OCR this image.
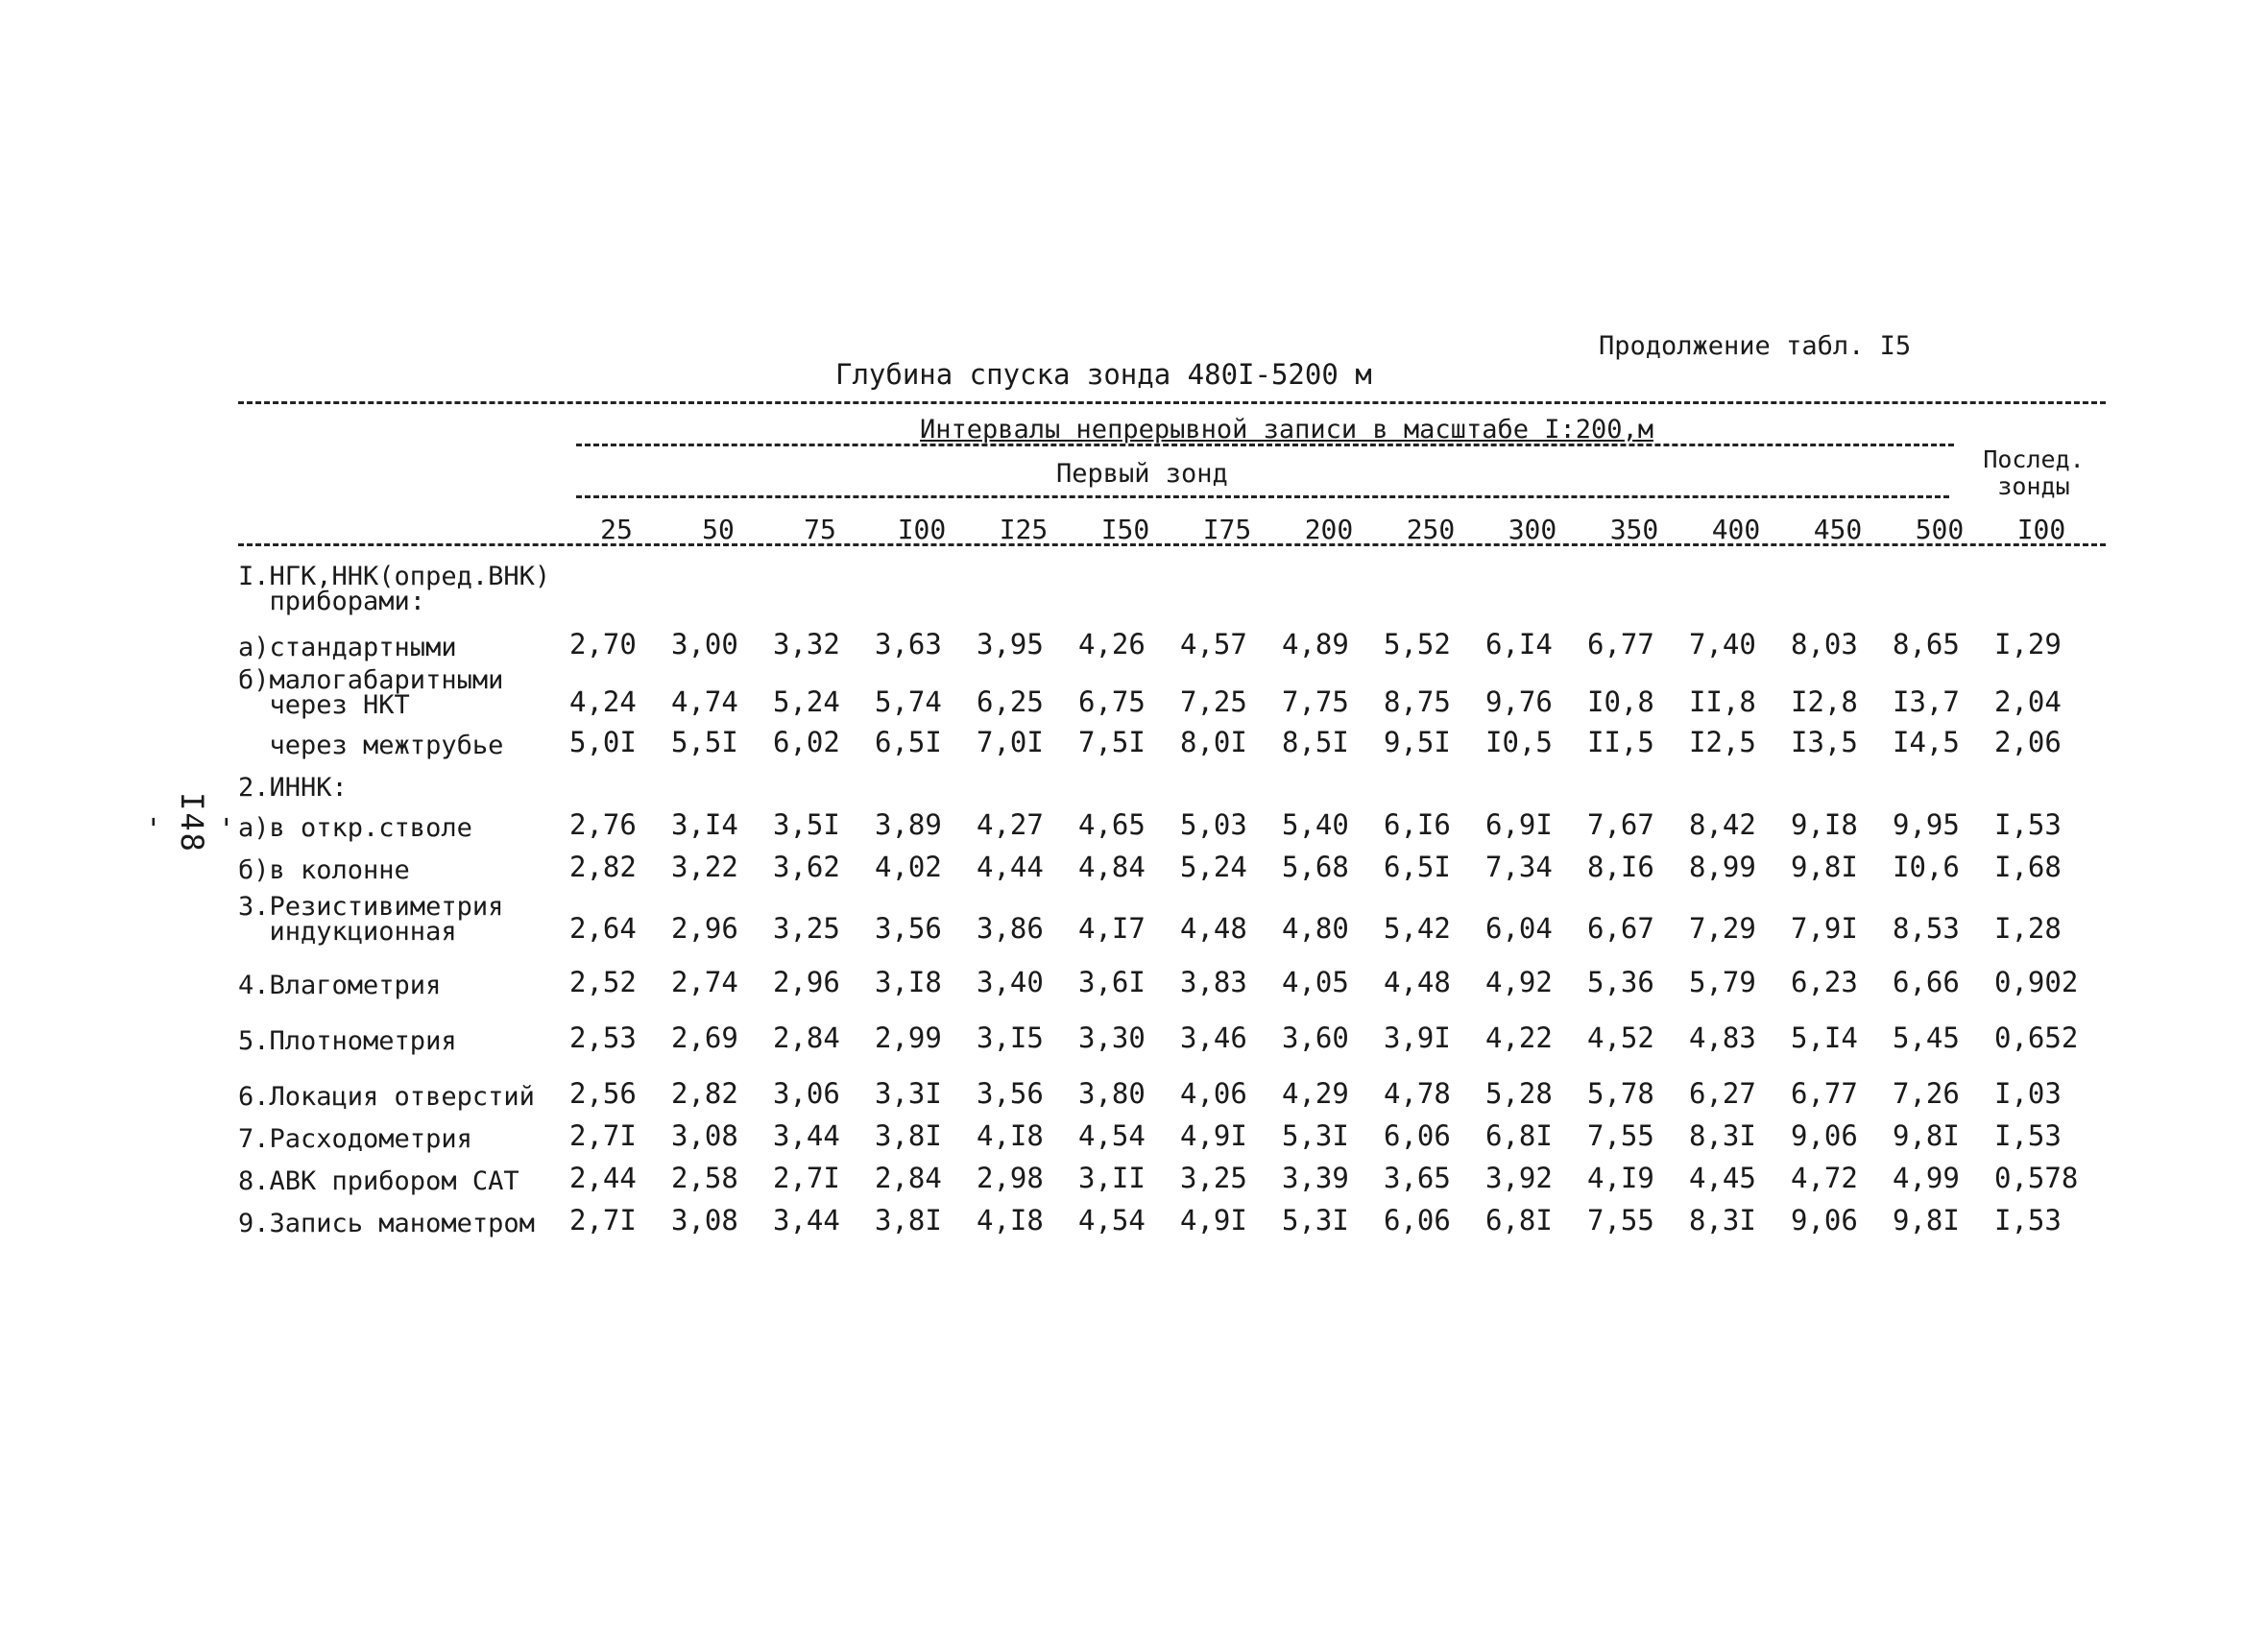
- I48 -
Продолжение табл. I5
Глубина спуска зонда 480I-5200 м
Интервалы непрерывной записи в масштабе I:200,м
Первый зонд	Послед. зонды
25	50	75	I00	I25	I50	I75	200	250	300	350	400	450	500	I00
I.НГК,ННК(опред.ВНК)
приборами:															
а)стандартными	2,70	3,00	3,32	3,63	3,95	4,26	4,57	4,89	5,52	6,I4	6,77	7,40	8,03	8,65	I,29
б)малогабаритными
через НКТ	4,24	4,74	5,24	5,74	6,25	6,75	7,25	7,75	8,75	9,76	I0,8	II,8	I2,8	I3,7	2,04
через межтрубье	5,0I	5,5I	6,02	6,5I	7,0I	7,5I	8,0I	8,5I	9,5I	I0,5	II,5	I2,5	I3,5	I4,5	2,06
2.ИННК:															
а)в откр.стволе	2,76	3,I4	3,5I	3,89	4,27	4,65	5,03	5,40	6,I6	6,9I	7,67	8,42	9,I8	9,95	I,53
б)в колонне	2,82	3,22	3,62	4,02	4,44	4,84	5,24	5,68	6,5I	7,34	8,I6	8,99	9,8I	I0,6	I,68
3.Резистивиметрия
индукционная	2,64	2,96	3,25	3,56	3,86	4,I7	4,48	4,80	5,42	6,04	6,67	7,29	7,9I	8,53	I,28
4.Влагометрия	2,52	2,74	2,96	3,I8	3,40	3,6I	3,83	4,05	4,48	4,92	5,36	5,79	6,23	6,66	0,902
5.Плотнометрия	2,53	2,69	2,84	2,99	3,I5	3,30	3,46	3,60	3,9I	4,22	4,52	4,83	5,I4	5,45	0,652
6.Локация отверстий	2,56	2,82	3,06	3,3I	3,56	3,80	4,06	4,29	4,78	5,28	5,78	6,27	6,77	7,26	I,03
7.Расходометрия	2,7I	3,08	3,44	3,8I	4,I8	4,54	4,9I	5,3I	6,06	6,8I	7,55	8,3I	9,06	9,8I	I,53
8.АВК прибором САТ	2,44	2,58	2,7I	2,84	2,98	3,II	3,25	3,39	3,65	3,92	4,I9	4,45	4,72	4,99	0,578
9.Запись манометром	2,7I	3,08	3,44	3,8I	4,I8	4,54	4,9I	5,3I	6,06	6,8I	7,55	8,3I	9,06	9,8I	I,53
